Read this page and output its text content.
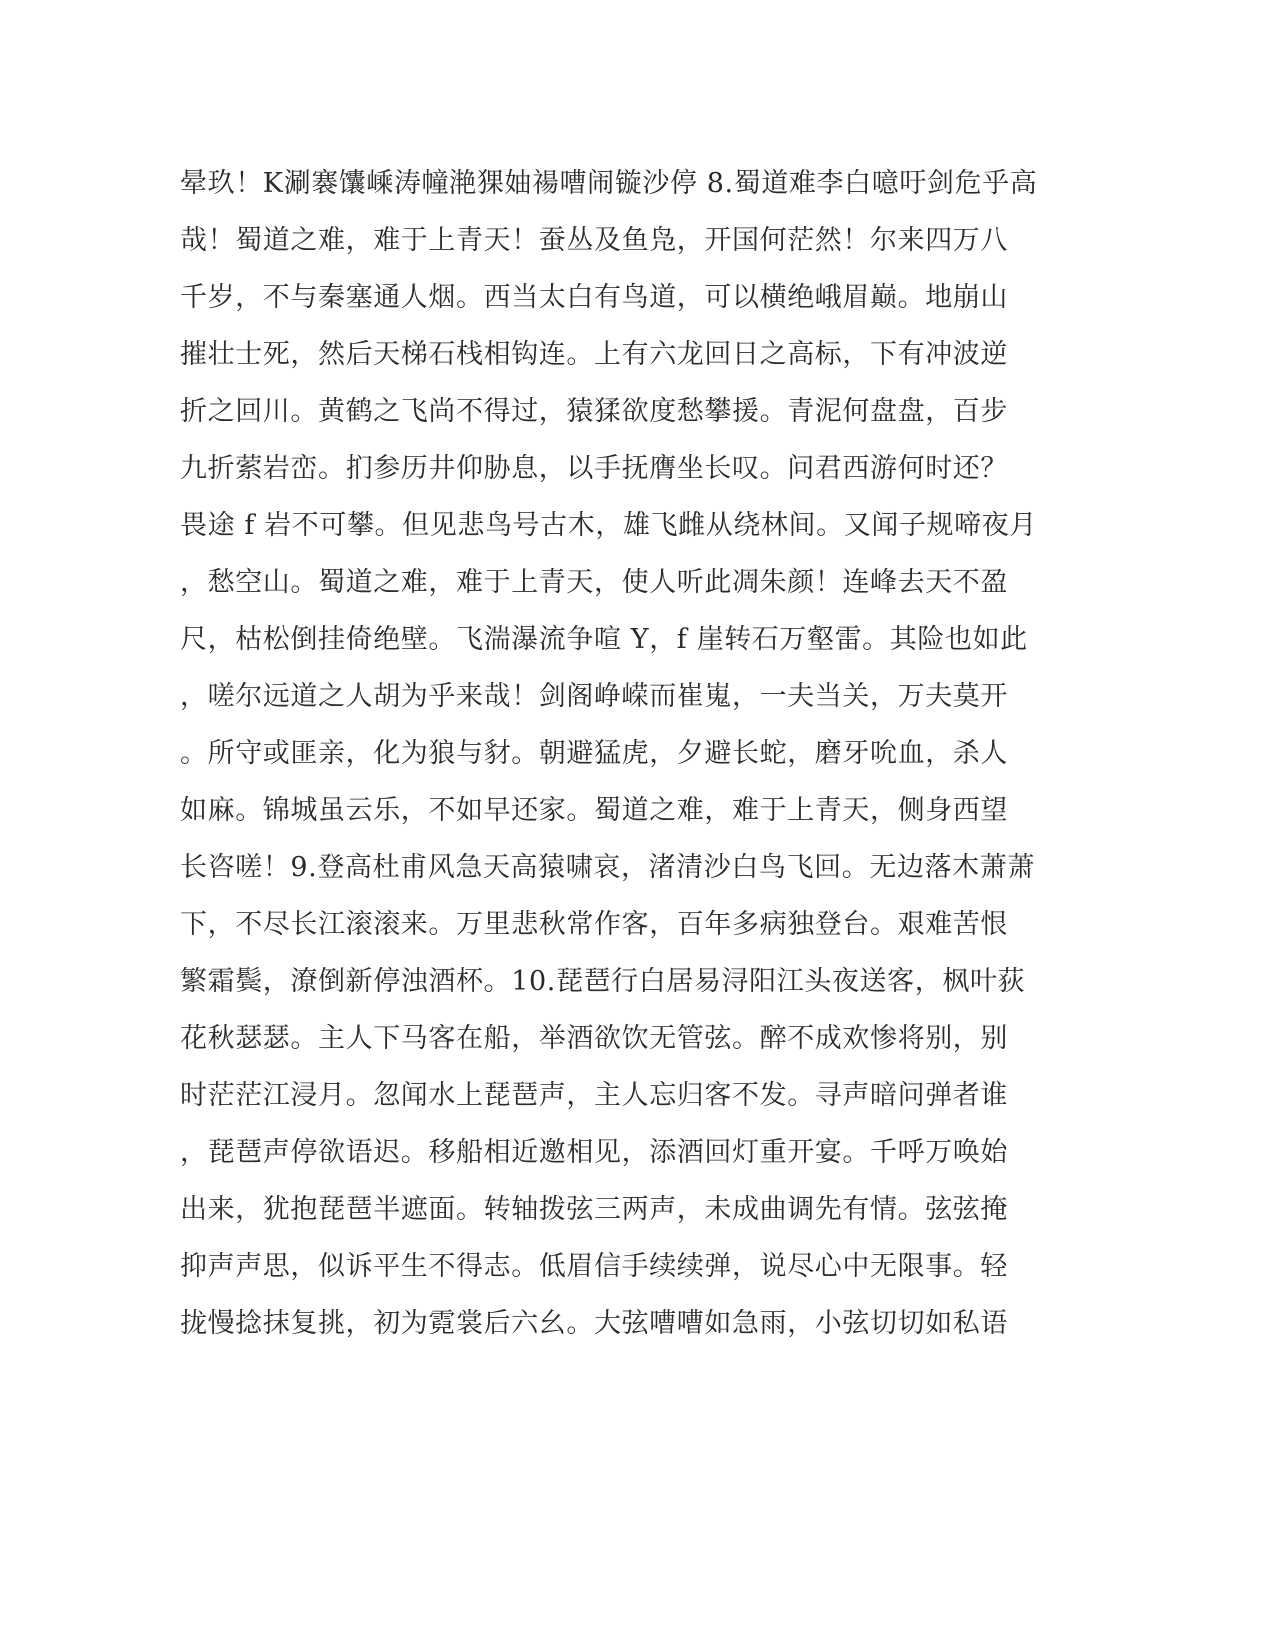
晕玖！K涮褰馕嵊涛幢滟猓妯禓嘈闹镟沙停 8.蜀道难李白噫吁剑危乎高
哉！蜀道之难，难于上青天！蚕丛及鱼凫，开国何茫然！尔来四万八
千岁，不与秦塞通人烟。西当太白有鸟道，可以横绝峨眉巅。地崩山
摧壮士死，然后天梯石栈相钩连。上有六龙回日之高标，下有冲波逆
折之回川。黄鹤之飞尚不得过，猿猱欲度愁攀援。青泥何盘盘，百步
九折萦岩峦。扪参历井仰胁息，以手抚膺坐长叹。问君西游何时还？
畏途 f 岩不可攀。但见悲鸟号古木，雄飞雌从绕林间。又闻子规啼夜月
，愁空山。蜀道之难，难于上青天，使人听此凋朱颜！连峰去天不盈
尺，枯松倒挂倚绝壁。飞湍瀑流争喧 Y，f 崖转石万壑雷。其险也如此
，嗟尔远道之人胡为乎来哉！剑阁峥嵘而崔嵬，一夫当关，万夫莫开
。所守或匪亲，化为狼与豺。朝避猛虎，夕避长蛇，磨牙吮血，杀人
如麻。锦城虽云乐，不如早还家。蜀道之难，难于上青天，侧身西望
长咨嗟！9.登高杜甫风急天高猿啸哀，渚清沙白鸟飞回。无边落木萧萧
下，不尽长江滚滚来。万里悲秋常作客，百年多病独登台。艰难苦恨
繁霜鬓，潦倒新停浊酒杯。10.琵琶行白居易浔阳江头夜送客，枫叶荻
花秋瑟瑟。主人下马客在船，举酒欲饮无管弦。醉不成欢惨将别，别
时茫茫江浸月。忽闻水上琵琶声，主人忘归客不发。寻声暗问弹者谁
，琵琶声停欲语迟。移船相近邀相见，添酒回灯重开宴。千呼万唤始
出来，犹抱琵琶半遮面。转轴拨弦三两声，未成曲调先有情。弦弦掩
抑声声思，似诉平生不得志。低眉信手续续弹，说尽心中无限事。轻
拢慢捻抹复挑，初为霓裳后六幺。大弦嘈嘈如急雨，小弦切切如私语
